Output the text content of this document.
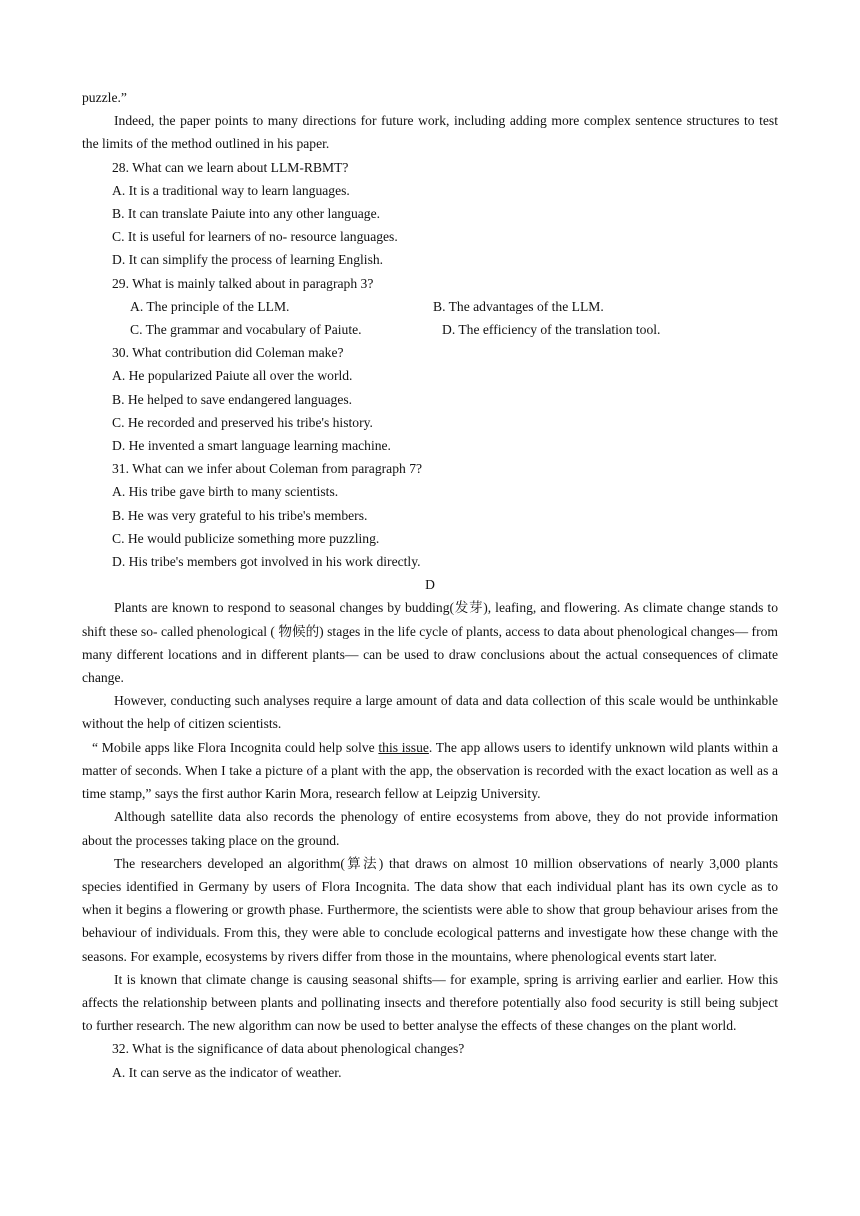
puzzle.”

Indeed, the paper points to many directions for future work, including adding more complex sentence structures to test the limits of the method outlined in his paper.

28. What can we learn about LLM-RBMT?

A. It is a traditional way to learn languages.

B. It can translate Paiute into any other language.

C. It is useful for learners of no- resource languages.

D. It can simplify the process of learning English.

29. What is mainly talked about in paragraph 3?

A. The principle of the LLM.	B. The advantages of the LLM.
C. The grammar and vocabulary of Paiute.	D. The efficiency of the translation tool.

30. What contribution did Coleman make?

A. He popularized Paiute all over the world.

B. He helped to save endangered languages.

C. He recorded and preserved his tribe's history.

D. He invented a smart language learning machine.

31. What can we infer about Coleman from paragraph 7?

A. His tribe gave birth to many scientists.

B. He was very grateful to his tribe's members.

C. He would publicize something more puzzling.

D. His tribe's members got involved in his work directly.

D

Plants are known to respond to seasonal changes by budding(发芽), leafing, and flowering. As climate change stands to shift these so- called phenological ( 物候的) stages in the life cycle of plants, access to data about phenological changes— from many different locations and in different plants— can be used to draw conclusions about the actual consequences of climate change.

However, conducting such analyses require a large amount of data and data collection of this scale would be unthinkable without the help of citizen scientists.

“ Mobile apps like Flora Incognita could help solve this issue. The app allows users to identify unknown wild plants within a matter of seconds. When I take a picture of a plant with the app, the observation is recorded with the exact location as well as a time stamp,” says the first author Karin Mora, research fellow at Leipzig University.

Although satellite data also records the phenology of entire ecosystems from above, they do not provide information about the processes taking place on the ground.

The researchers developed an algorithm(算法) that draws on almost 10 million observations of nearly 3,000 plants species identified in Germany by users of Flora Incognita. The data show that each individual plant has its own cycle as to when it begins a flowering or growth phase. Furthermore, the scientists were able to show that group behaviour arises from the behaviour of individuals. From this, they were able to conclude ecological patterns and investigate how these change with the seasons. For example, ecosystems by rivers differ from those in the mountains, where phenological events start later.

It is known that climate change is causing seasonal shifts— for example, spring is arriving earlier and earlier. How this affects the relationship between plants and pollinating insects and therefore potentially also food security is still being subject to further research. The new algorithm can now be used to better analyse the effects of these changes on the plant world.

32. What is the significance of data about phenological changes?

A. It can serve as the indicator of weather.
